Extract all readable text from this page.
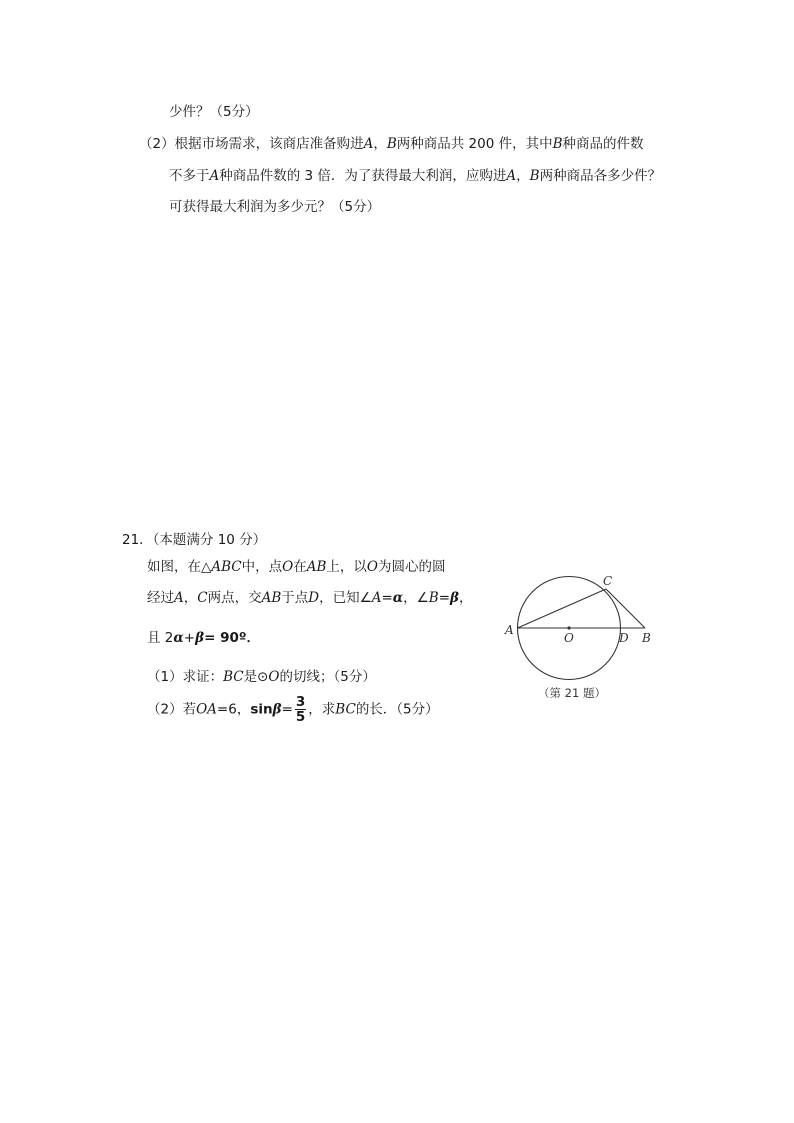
少件？（5分）
（2）根据市场需求，该商店准备购进A，B两种商品共 200 件，其中B种商品的件数
不多于A种商品件数的 3 倍．为了获得最大利润，应购进A，B两种商品各多少件？
可获得最大利润为多少元？（5分）
21．（本题满分 10 分）
如图，在△ABC中，点O在AB上，以O为圆心的圆
经过A，C两点，交AB于点D，已知∠A=α，∠B=β，
且 2α+β= 90º．
（1）求证：BC是⊙O的切线；（5分）
（2）若OA=6，$\sin\beta= \frac{3}{5}$ ，求BC的长．（5分）
A
O	D B
C
（第 21 题）
